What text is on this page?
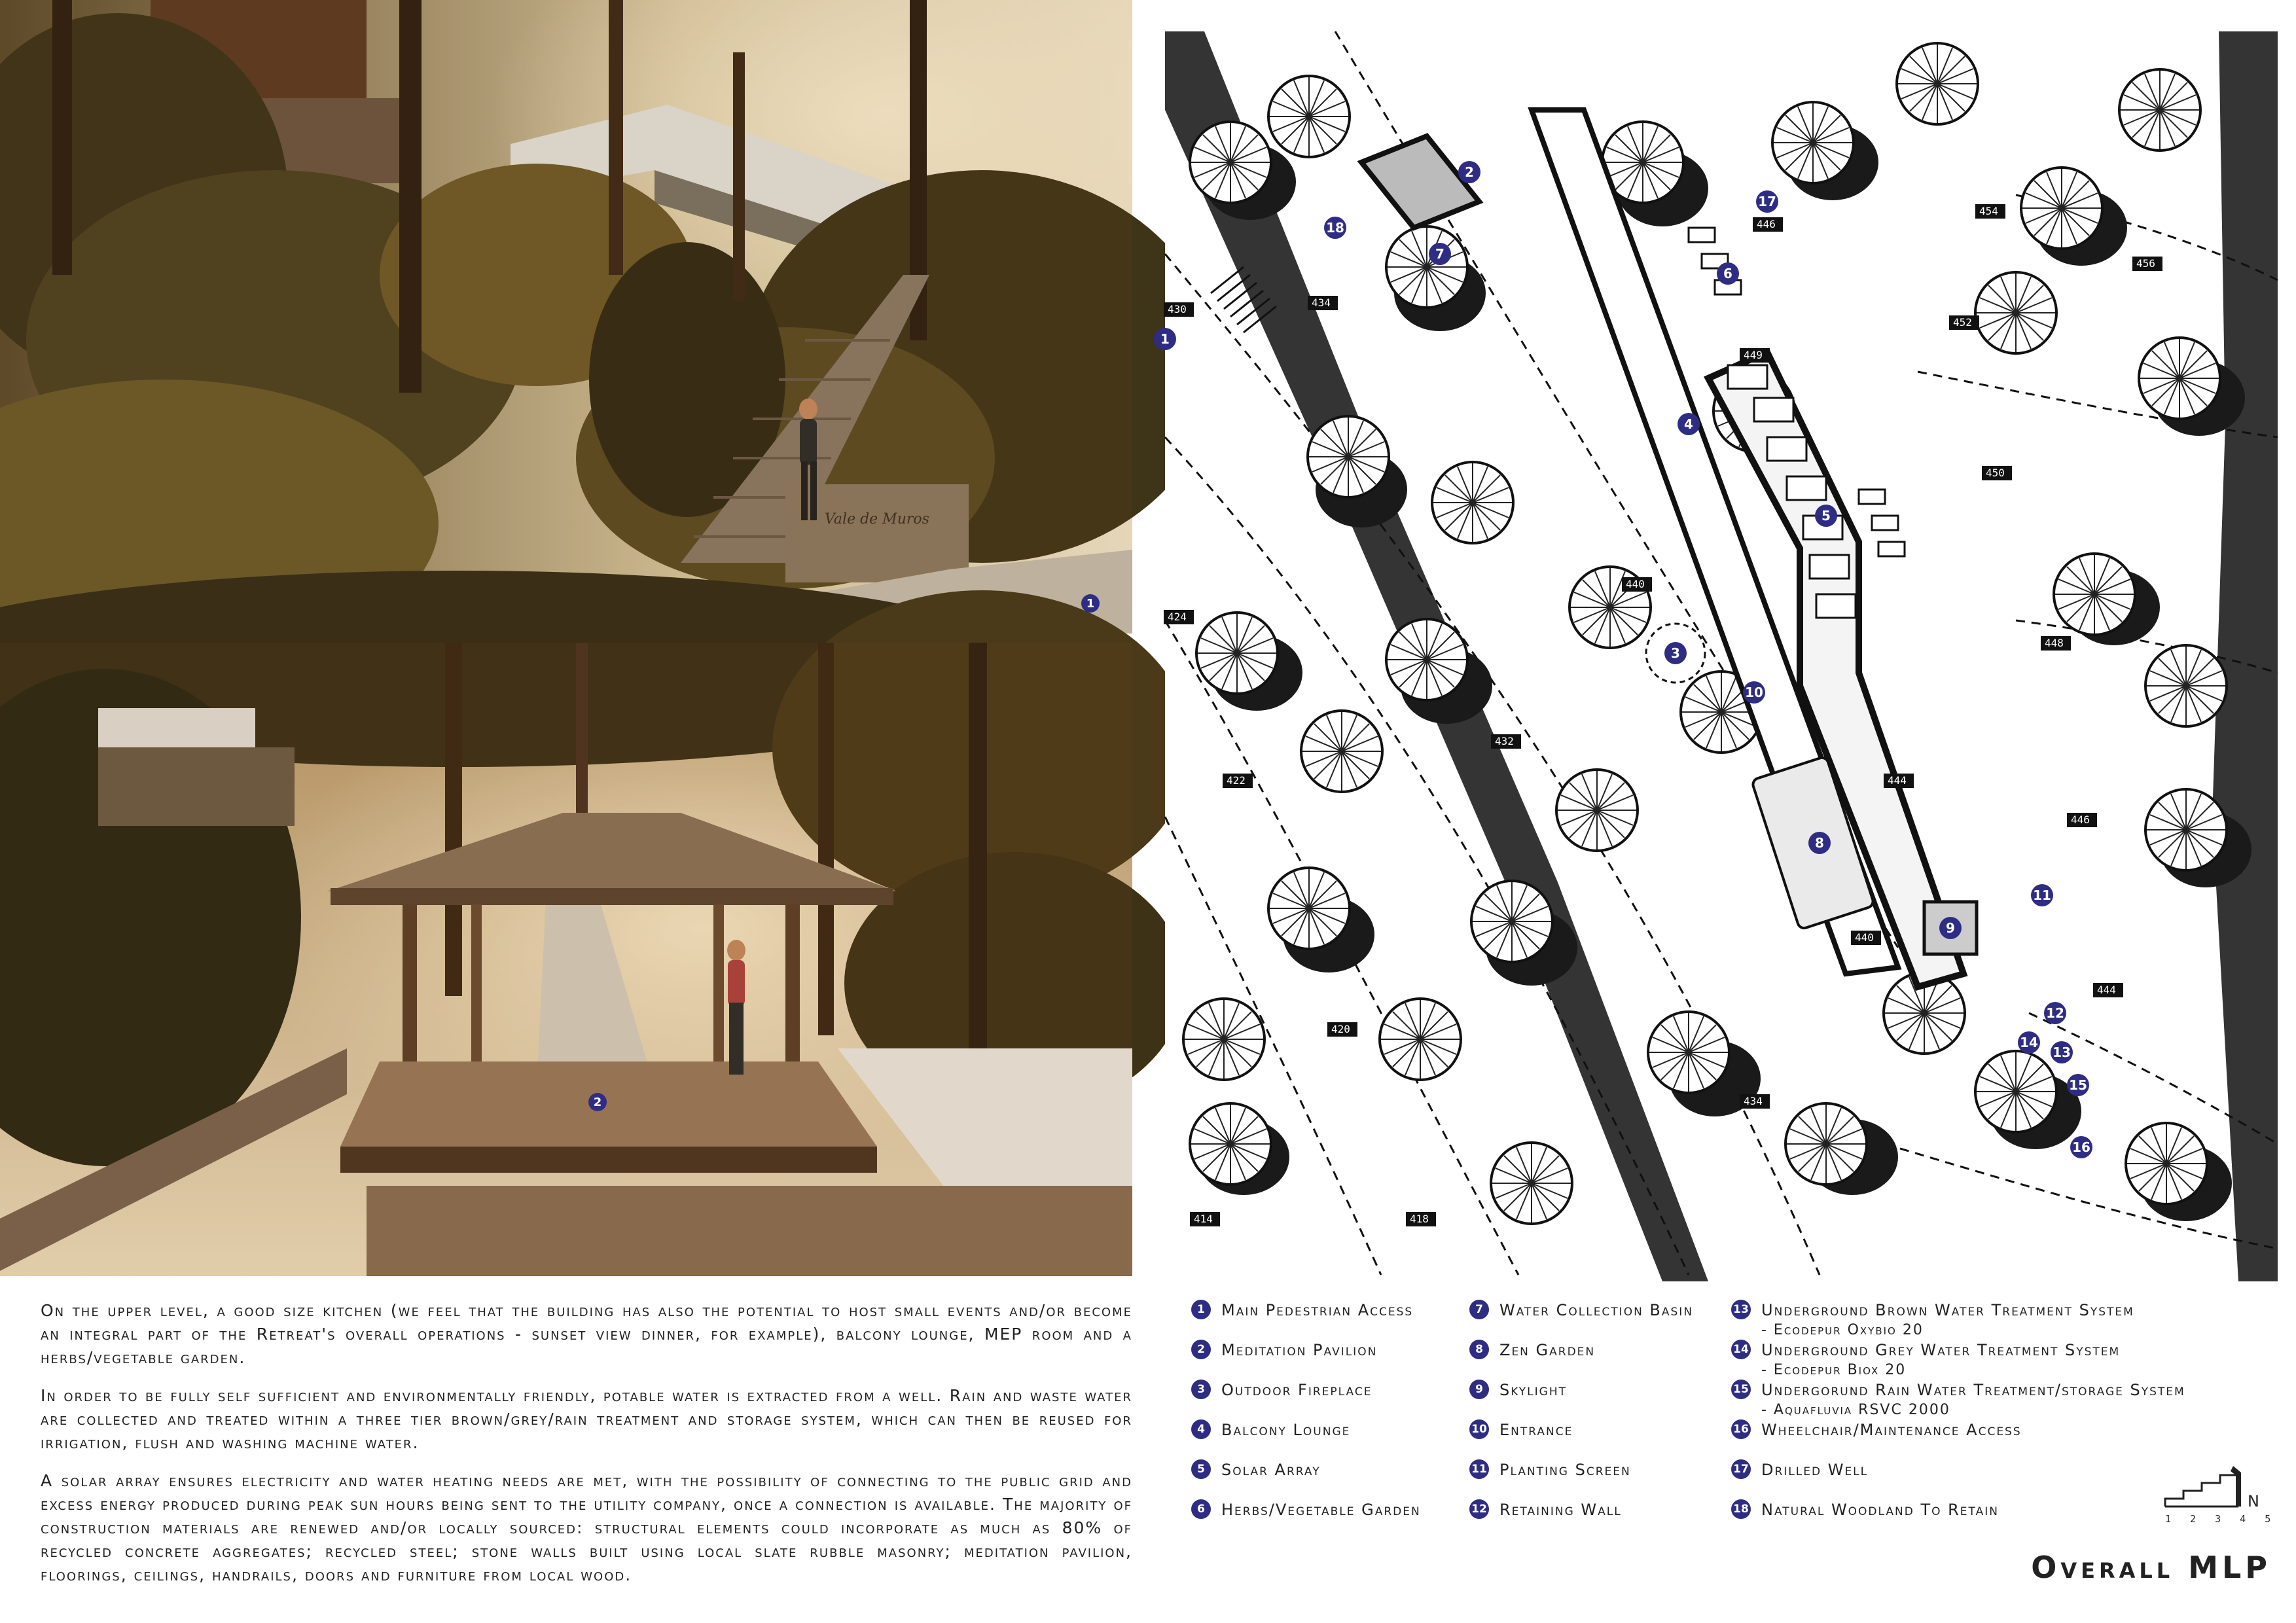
Vale de Muros
1
2
1
2
3
4
5
6
7
8
9
10
11
12
13
14
15
16
17
18
430
434
424
422
420
414	418
432
440
446
449
454
456
452
450
448
446
444
440
444
434

On the upper level, a good size kitchen (we feel that the building has also the potential to host small events and/or become an integral part of the Retreat's overall operations - sunset view dinner, for example), balcony lounge, MEP room and a herbs/vegetable garden.

In order to be fully self sufficient and environmentally friendly, potable water is extracted from a well. Rain and waste water are collected and treated within a three tier brown/grey/rain treatment and storage system, which can then be reused for irrigation, flush and washing machine water.

A solar array ensures electricity and water heating needs are met, with the possibility of connecting to the public grid and excess energy produced during peak sun hours being sent to the utility company, once a connection is available. The majority of construction materials are renewed and/or locally sourced: structural elements could incorporate as much as 80% of recycled concrete aggregates; recycled steel; stone walls built using local slate rubble masonry; meditation pavilion, floorings, ceilings, handrails, doors and furniture from local wood.

1	Main Pedestrian Access
2	Meditation Pavilion
3	Outdoor Fireplace
4	Balcony Lounge
5	Solar Array
6	Herbs/Vegetable Garden
7	Water Collection Basin
8	Zen Garden
9	Skylight
10 Entrance
11 Planting Screen
12 Retaining Wall
13 Underground Brown Water Treatment System
- Ecodepur Oxybio 20
14 Underground Grey Water Treatment System
- Ecodepur Biox 20
15 Undergorund Rain Water Treatment/storage System
- Aquafluvia RSVC 2000
16 Wheelchair/Maintenance Access
17 Drilled Well
18 Natural Woodland To Retain	N
1 2 3 4 5
Overall MLP
